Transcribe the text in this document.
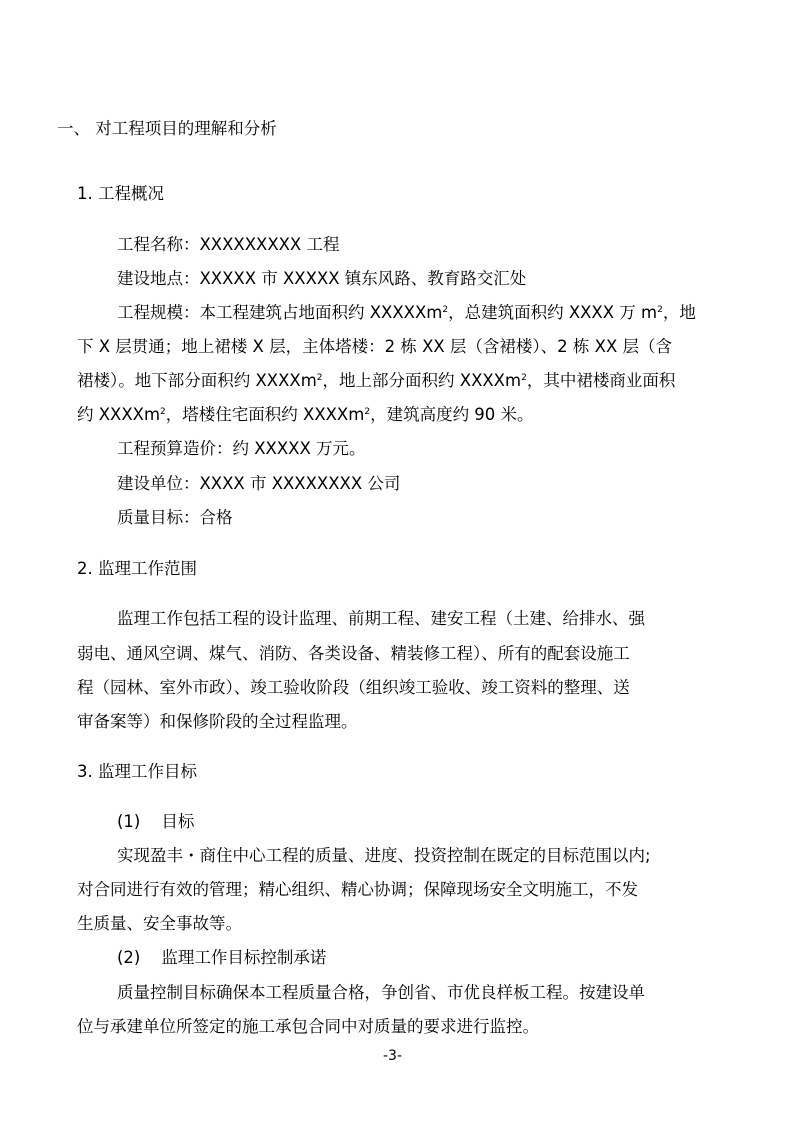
一、 对工程项目的理解和分析
1. 工程概况
工程名称：XXXXXXXXX 工程
建设地点：XXXXX 市 XXXXX 镇东风路、教育路交汇处
工程规模：本工程建筑占地面积约 XXXXXm$^2$，总建筑面积约 XXXX 万 $m^2$，地
下 X 层贯通；地上裙楼 X 层，主体塔楼：2 栋 XX 层（含裙楼）、2 栋 XX 层（含
裙楼）。地下部分面积约 XXXXm$^2$，地上部分面积约 XXXXm$^2$，其中裙楼商业面积
约 XXXXm$^2$，塔楼住宅面积约 XXXXm$^2$，建筑高度约 90 米。
工程预算造价：约 XXXXX 万元。
建设单位：XXXX 市 XXXXXXXX 公司
质量目标：合格
2. 监理工作范围
监理工作包括工程的设计监理、前期工程、建安工程（土建、给排水、强
弱电、通风空调、煤气、消防、各类设备、精装修工程）、所有的配套设施工
程（园林、室外市政）、竣工验收阶段（组织竣工验收、竣工资料的整理、送
审备案等）和保修阶段的全过程监理。
3. 监理工作目标
(1)    目标
实现盈丰・商住中心工程的质量、进度、投资控制在既定的目标范围以内;
对合同进行有效的管理；精心组织、精心协调；保障现场安全文明施工，不发
生质量、安全事故等。
(2)    监理工作目标控制承诺
质量控制目标确保本工程质量合格，争创省、市优良样板工程。按建设单
位与承建单位所签定的施工承包合同中对质量的要求进行监控。
-3-
